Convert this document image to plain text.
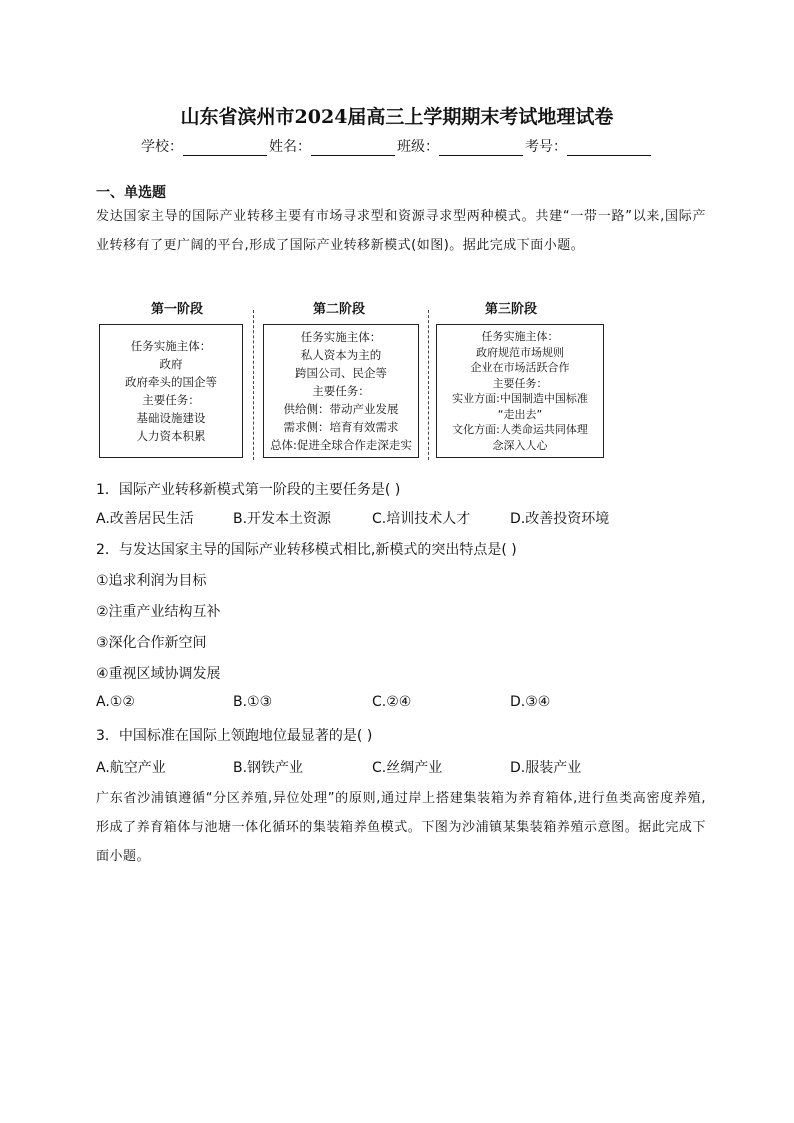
山东省滨州市2024届高三上学期期末考试地理试卷
学校：	姓名：	班级：	考号：
一、单选题
发达国家主导的国际产业转移主要有市场寻求型和资源寻求型两种模式。共建“一带一路”以来,国际产业转移有了更广阔的平台,形成了国际产业转移新模式(如图)。据此完成下面小题。
第一阶段	第二阶段	第三阶段
任务实施主体：
政府
政府牵头的国企等
主要任务：
基础设施建设
人力资本积累
任务实施主体：
私人资本为主的
跨国公司、民企等
主要任务：
供给侧：带动产业发展
需求侧：培育有效需求
总体:促进全球合作走深走实
任务实施主体：
政府规范市场规则
企业在市场活跃合作
主要任务：
实业方面:中国制造中国标准
“走出去”
文化方面:人类命运共同体理
念深入人心
1．国际产业转移新模式第一阶段的主要任务是( )
A.改善居民生活	B.开发本土资源	C.培训技术人才	D.改善投资环境
2．与发达国家主导的国际产业转移模式相比,新模式的突出特点是( )
①追求利润为目标
②注重产业结构互补
③深化合作新空间
④重视区域协调发展
A.①②	B.①③	C.②④	D.③④
3．中国标准在国际上领跑地位最显著的是( )
A.航空产业	B.钢铁产业	C.丝绸产业	D.服装产业
广东省沙浦镇遵循“分区养殖,异位处理”的原则,通过岸上搭建集装箱为养育箱体,进行鱼类高密度养殖,形成了养育箱体与池塘一体化循环的集装箱养鱼模式。下图为沙浦镇某集装箱养殖示意图。据此完成下面小题。
